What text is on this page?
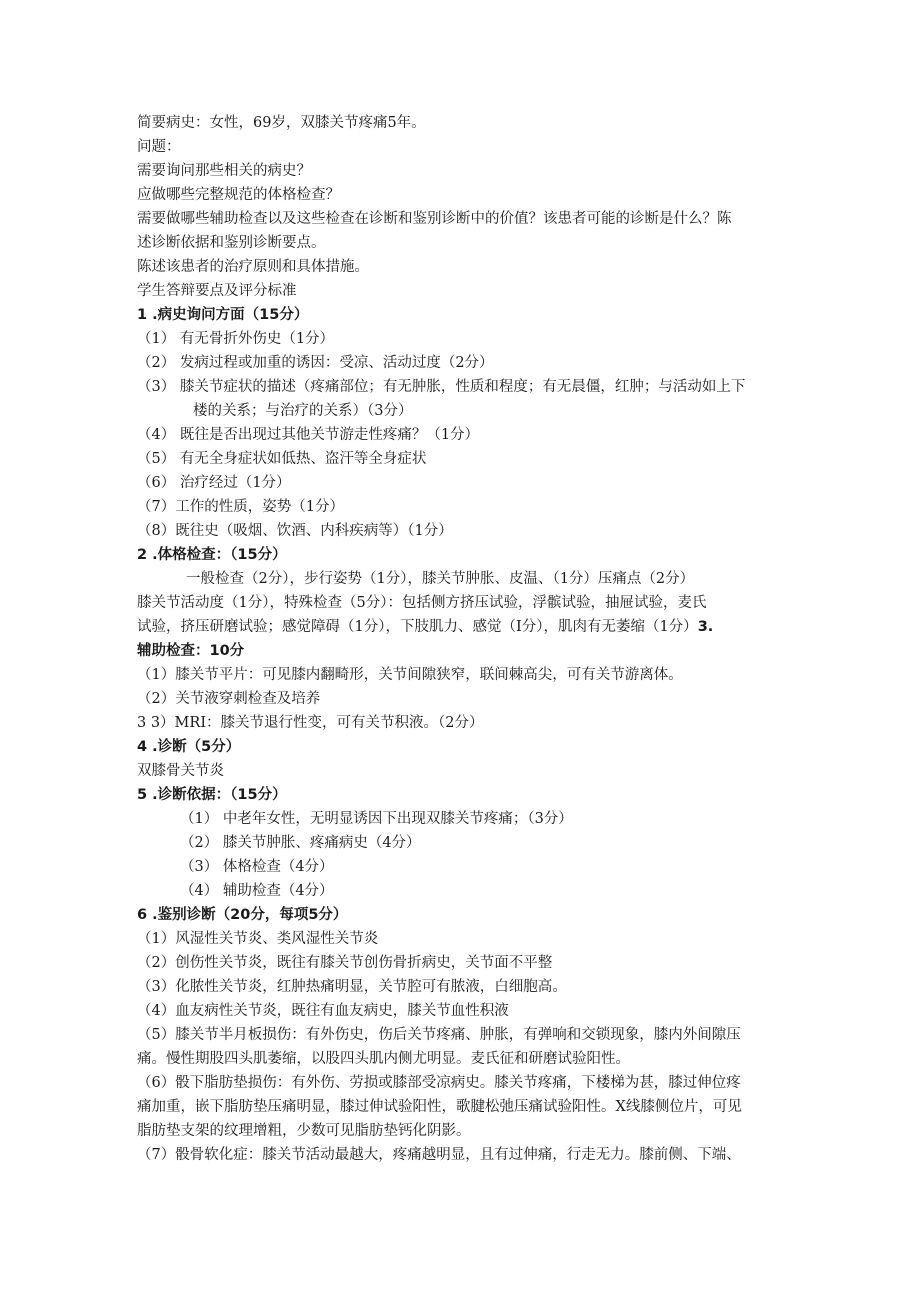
简要病史：女性，69岁，双膝关节疼痛5年。
问题：
需要询问那些相关的病史？
应做哪些完整规范的体格检查？
需要做哪些辅助检查以及这些检查在诊断和鉴别诊断中的价值？该患者可能的诊断是什么？陈
述诊断依据和鉴别诊断要点。
陈述该患者的治疗原则和具体措施。
学生答辩要点及评分标准
1 .病史询问方面（15分）
（1） 有无骨折外伤史（1分）
（2） 发病过程或加重的诱因：受凉、活动过度（2分）
（3） 膝关节症状的描述（疼痛部位；有无肿胀，性质和程度；有无晨僵，红肿；与活动如上下
楼的关系；与治疗的关系）（3分）
（4） 既往是否出现过其他关节游走性疼痛？（1分）
（5） 有无全身症状如低热、盗汗等全身症状
（6） 治疗经过（1分）
（7）工作的性质，姿势（1分）
（8）既往史（吸烟、饮酒、内科疾病等）（1分）
2 .体格检查：（15分）
一般检查（2分），步行姿势（1分），膝关节肿胀、皮温、（1分）压痛点（2分）
膝关节活动度（1分），特殊检查（5分）：包括侧方挤压试验，浮髌试验，抽屉试验，麦氏
试验，挤压研磨试验；感觉障碍（1分），下肢肌力、感觉（I分），肌肉有无萎缩（1分）3.
辅助检查：10分
（1）膝关节平片：可见膝内翻畸形，关节间隙狭窄，联间棘高尖，可有关节游离体。
（2）关节液穿刺检查及培养
3 3）MRI：膝关节退行性变，可有关节积液。（2分）
4 .诊断（5分）
双膝骨关节炎
5 .诊断依据：（15分）
（1） 中老年女性，无明显诱因下出现双膝关节疼痛；（3分）
（2） 膝关节肿胀、疼痛病史（4分）
（3） 体格检查（4分）
（4） 辅助检查（4分）
6 .鉴别诊断（20分，每项5分）
（1）风湿性关节炎、类风湿性关节炎
（2）创伤性关节炎，既往有膝关节创伤骨折病史，关节面不平整
（3）化脓性关节炎，红肿热痛明显，关节腔可有脓液，白细胞高。
（4）血友病性关节炎，既往有血友病史，膝关节血性积液
（5）膝关节半月板损伤：有外伤史，伤后关节疼痛、肿胀，有弹响和交锁现象，膝内外间隙压
痛。慢性期股四头肌萎缩，以股四头肌内侧尤明显。麦氏征和研磨试验阳性。
（6）骰下脂肪垫损伤：有外伤、劳损或膝部受凉病史。膝关节疼痛，下楼梯为甚，膝过伸位疼
痛加重，嵌下脂肪垫压痛明显，膝过伸试验阳性，歌腱松弛压痛试验阳性。X线膝侧位片，可见
脂肪垫支架的纹理增粗，少数可见脂肪垫钙化阴影。
（7）骰骨软化症：膝关节活动最越大，疼痛越明显，且有过伸痛，行走无力。膝前侧、下端、
